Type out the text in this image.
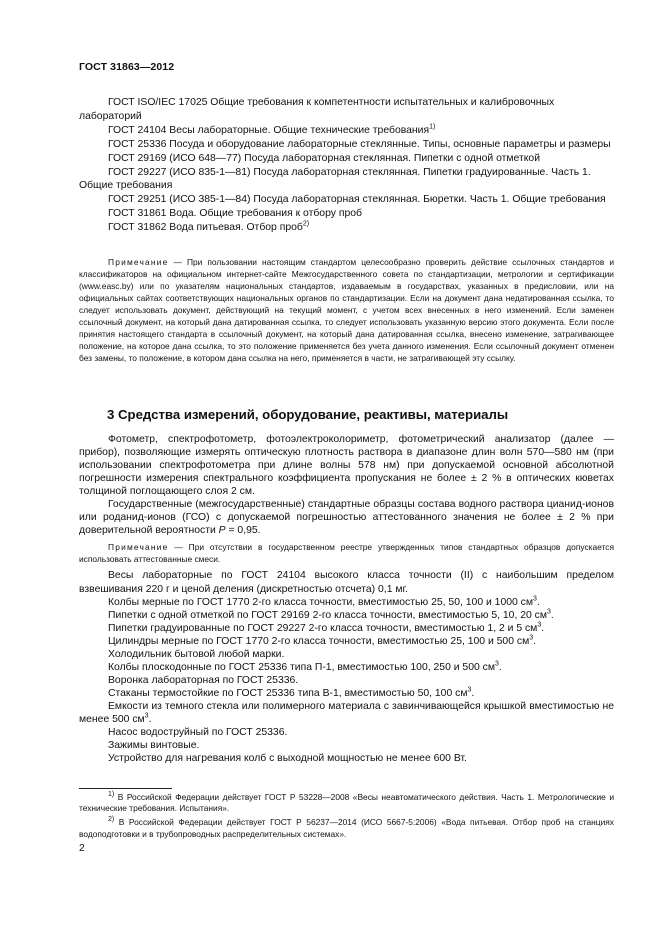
ГОСТ 31863—2012

ГОСТ ISO/IEC 17025 Общие требования к компетентности испытательных и калибровочных лабораторий

ГОСТ 24104 Весы лабораторные. Общие технические требования$^{1)}$

ГОСТ 25336 Посуда и оборудование лабораторные стеклянные. Типы, основные параметры и размеры

ГОСТ 29169 (ИСО 648—77) Посуда лабораторная стеклянная. Пипетки с одной отметкой

ГОСТ 29227 (ИСО 835-1—81) Посуда лабораторная стеклянная. Пипетки градуированные. Часть 1. Общие требования

ГОСТ 29251 (ИСО 385-1—84) Посуда лабораторная стеклянная. Бюретки. Часть 1. Общие требования

ГОСТ 31861 Вода. Общие требования к отбору проб

ГОСТ 31862 Вода питьевая. Отбор проб$^{2)}$

Примечание — При пользовании настоящим стандартом целесообразно проверить действие ссылочных стандартов и классификаторов на официальном интернет-сайте Межгосударственного совета по стандартизации, метрологии и сертификации (www.easc.by) или по указателям национальных стандартов, издаваемым в государствах, указанных в предисловии, или на официальных сайтах соответствующих национальных органов по стандартизации. Если на документ дана недатированная ссылка, то следует использовать документ, действующий на текущий момент, с учетом всех внесенных в него изменений. Если заменен ссылочный документ, на который дана датированная ссылка, то следует использовать указанную версию этого документа. Если после принятия настоящего стандарта в ссылочный документ, на который дана датированная ссылка, внесено изменение, затрагивающее положение, на которое дана ссылка, то это положение применяется без учета данного изменения. Если ссылочный документ отменен без замены, то положение, в котором дана ссылка на него, применяется в части, не затрагивающей эту ссылку.

3 Средства измерений, оборудование, реактивы, материалы

Фотометр, спектрофотометр, фотоэлектроколориметр, фотометрический анализатор (далее — прибор), позволяющие измерять оптическую плотность раствора в диапазоне длин волн 570—580 нм (при использовании спектрофотометра при длине волны 578 нм) при допускаемой основной абсолютной погрешности измерения спектрального коэффициента пропускания не более ± 2 % в оптических кюветах толщиной поглощающего слоя 2 см.

Государственные (межгосударственные) стандартные образцы состава водного раствора цианид-ионов или роданид-ионов (ГСО) с допускаемой погрешностью аттестованного значения не более ± 2 % при доверительной вероятности P = 0,95.

Примечание — При отсутствии в государственном реестре утвержденных типов стандартных образцов допускается использовать аттестованные смеси.

Весы лабораторные по ГОСТ 24104 высокого класса точности (II) с наибольшим пределом взвешивания 220 г и ценой деления (дискретностью отсчета) 0,1 мг.

Колбы мерные по ГОСТ 1770 2-го класса точности, вместимостью 25, 50, 100 и 1000 $см^3$.

Пипетки с одной отметкой по ГОСТ 29169 2-го класса точности, вместимостью 5, 10, 20 $см^3$.

Пипетки градуированные по ГОСТ 29227 2-го класса точности, вместимостью 1, 2 и 5 $см^3$.

Цилиндры мерные по ГОСТ 1770 2-го класса точности, вместимостью 25, 100 и 500 $см^3$.

Холодильник бытовой любой марки.

Колбы плоскодонные по ГОСТ 25336 типа П-1, вместимостью 100, 250 и 500 $см^3$.

Воронка лабораторная по ГОСТ 25336.

Стаканы термостойкие по ГОСТ 25336 типа В-1, вместимостью 50, 100 $см^3$.

Емкости из темного стекла или полимерного материала с завинчивающейся крышкой вместимостью не менее 500 $см^3$.

Насос водоструйный по ГОСТ 25336.

Зажимы винтовые.

Устройство для нагревания колб с выходной мощностью не менее 600 Вт.

$^{1)}$ В Российской Федерации действует ГОСТ Р 53228—2008 «Весы неавтоматического действия. Часть 1. Метрологические и технические требования. Испытания».

$^{2)}$ В Российской Федерации действует ГОСТ Р 56237—2014 (ИСО 5667-5:2006) «Вода питьевая. Отбор проб на станциях водоподготовки и в трубопроводных распределительных системах».

2
